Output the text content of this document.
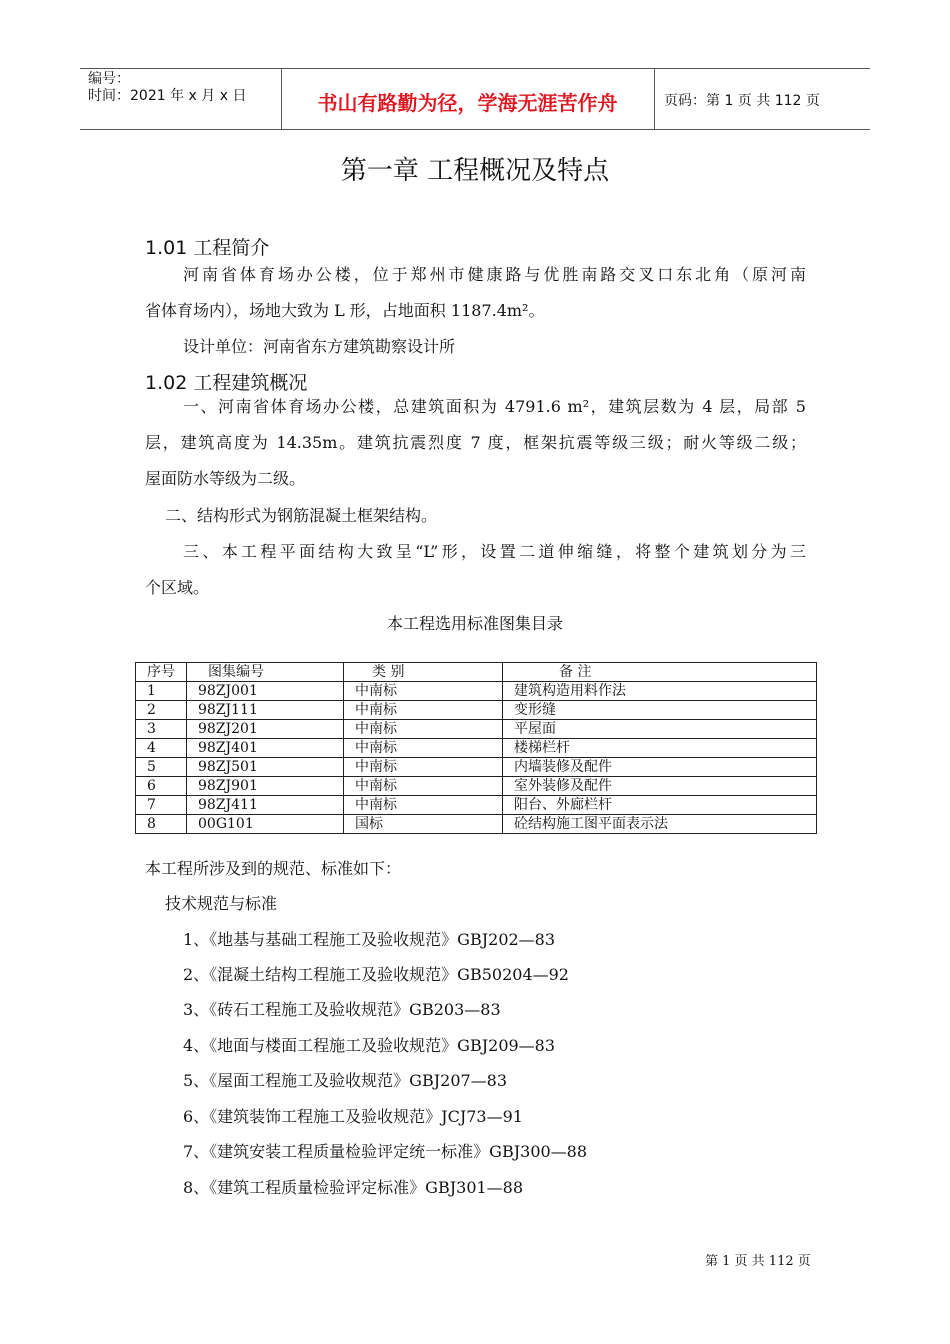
编号：
时间：2021 年 x 月 x 日	书山有路勤为径，学海无涯苦作舟	页码：第 1 页 共 112 页
第一章 工程概况及特点
1.01 工程简介
河南省体育场办公楼，位于郑州市健康路与优胜南路交叉口东北角（原河南
省体育场内），场地大致为 L 形，占地面积 1187.4m²。
设计单位：河南省东方建筑勘察设计所
1.02 工程建筑概况
一、河南省体育场办公楼，总建筑面积为 4791.6 m²，建筑层数为 4 层，局部 5
层，建筑高度为 14.35m。建筑抗震烈度 7 度，框架抗震等级三级；耐火等级二级；
屋面防水等级为二级。
二、结构形式为钢筋混凝土框架结构。
三、本工程平面结构大致呈“L”形，设置二道伸缩缝，将整个建筑划分为三
个区域。
本工程选用标准图集目录
序号	图集编号	类 别	备 注
1	98ZJ001	中南标	建筑构造用料作法
2	98ZJ111	中南标	变形缝
3	98ZJ201	中南标	平屋面
4	98ZJ401	中南标	楼梯栏杆
5	98ZJ501	中南标	内墙装修及配件
6	98ZJ901	中南标	室外装修及配件
7	98ZJ411	中南标	阳台、外廊栏杆
8	00G101	国标	砼结构施工图平面表示法
本工程所涉及到的规范、标准如下：
技术规范与标准
1、《地基与基础工程施工及验收规范》GBJ202—83
2、《混凝土结构工程施工及验收规范》GB50204—92
3、《砖石工程施工及验收规范》GB203—83
4、《地面与楼面工程施工及验收规范》GBJ209—83
5、《屋面工程施工及验收规范》GBJ207—83
6、《建筑装饰工程施工及验收规范》JCJ73—91
7、《建筑安装工程质量检验评定统一标准》GBJ300—88
8、《建筑工程质量检验评定标准》GBJ301—88
第 1 页 共 112 页
